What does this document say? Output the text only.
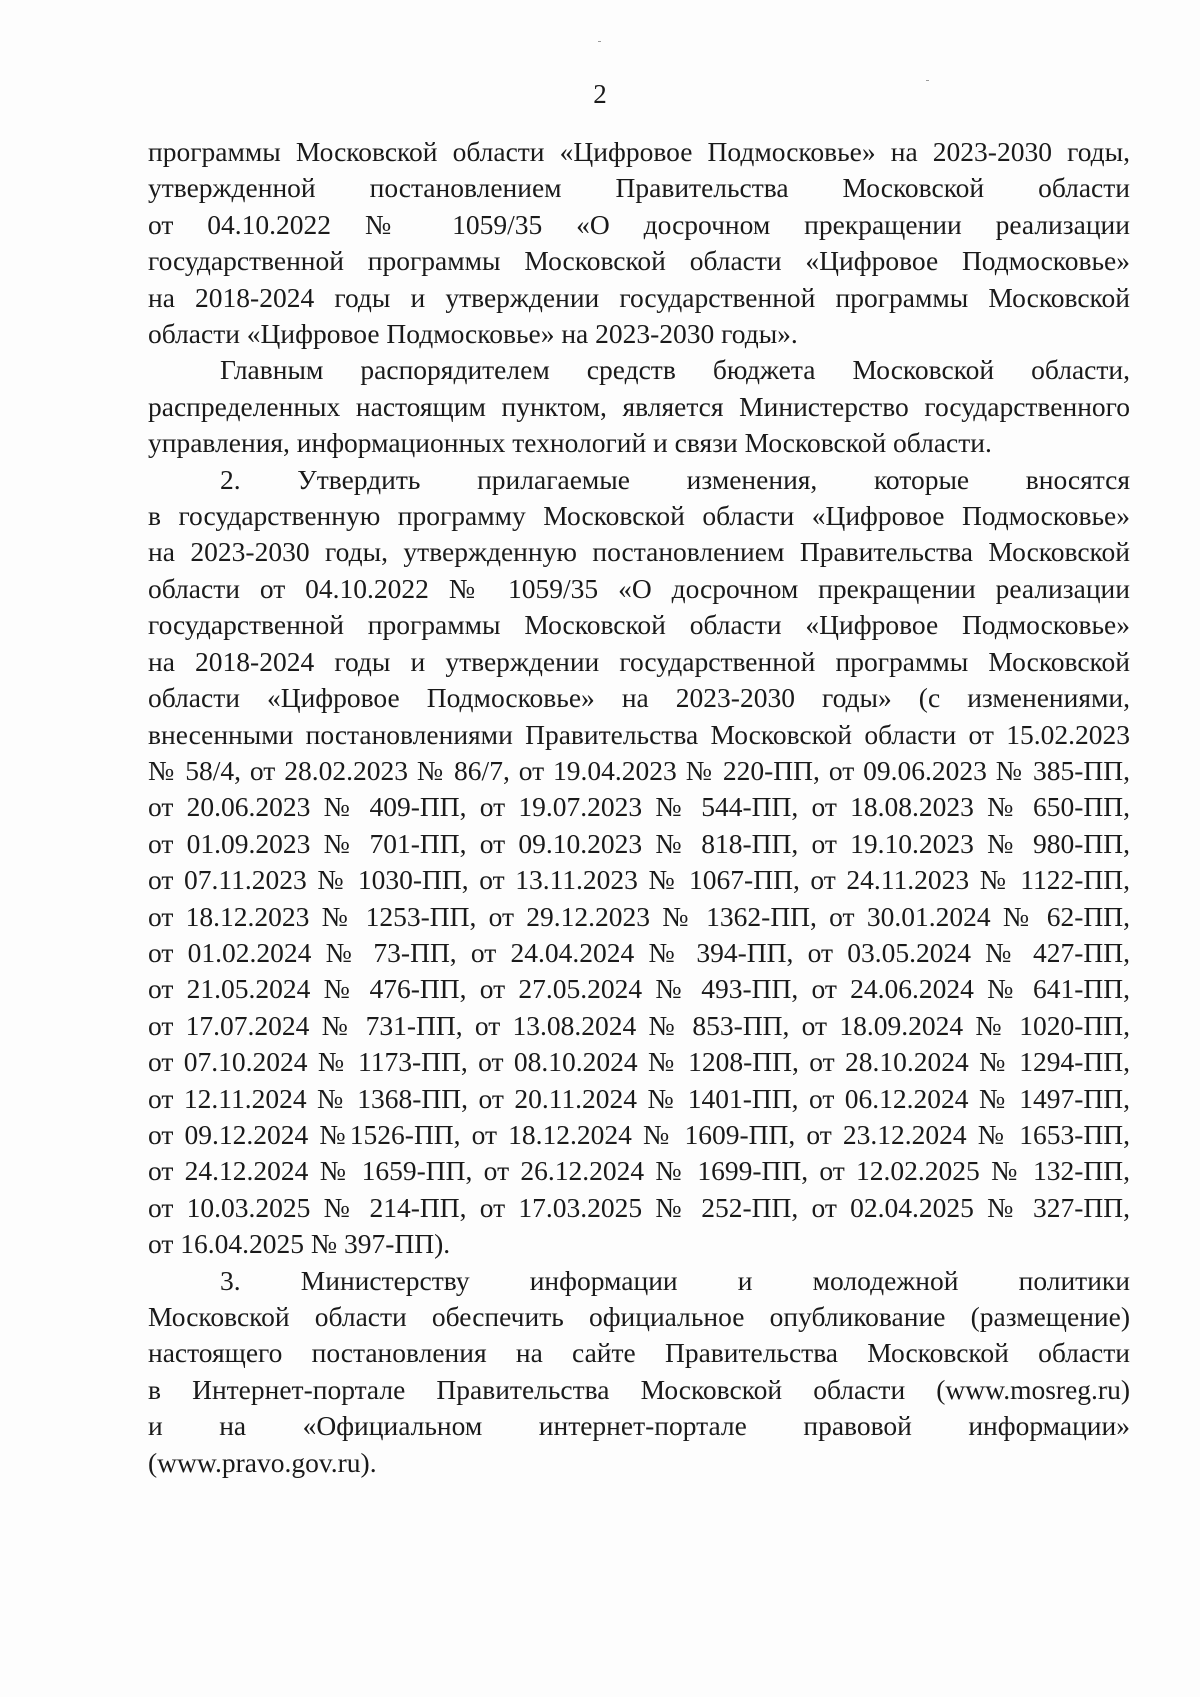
2
программы Московской области «Цифровое Подмосковье» на 2023-2030 годы,
утвержденной постановлением Правительства Московской области
от 04.10.2022 № 1059/35 «О досрочном прекращении реализации
государственной программы Московской области «Цифровое Подмосковье»
на 2018-2024 годы и утверждении государственной программы Московской
области «Цифровое Подмосковье» на 2023-2030 годы».
Главным распорядителем средств бюджета Московской области,
распределенных настоящим пунктом, является Министерство государственного
управления, информационных технологий и связи Московской области.
2. Утвердить прилагаемые изменения, которые вносятся
в государственную программу Московской области «Цифровое Подмосковье»
на 2023-2030 годы, утвержденную постановлением Правительства Московской
области от 04.10.2022 № 1059/35 «О досрочном прекращении реализации
государственной программы Московской области «Цифровое Подмосковье»
на 2018-2024 годы и утверждении государственной программы Московской
области «Цифровое Подмосковье» на 2023-2030 годы» (с изменениями,
внесенными постановлениями Правительства Московской области от 15.02.2023
№ 58/4, от 28.02.2023 № 86/7, от 19.04.2023 № 220-ПП, от 09.06.2023 № 385-ПП,
от 20.06.2023 № 409-ПП, от 19.07.2023 № 544-ПП, от 18.08.2023 № 650-ПП,
от 01.09.2023 № 701-ПП, от 09.10.2023 № 818-ПП, от 19.10.2023 № 980-ПП,
от 07.11.2023 № 1030-ПП, от 13.11.2023 № 1067-ПП, от 24.11.2023 № 1122-ПП,
от 18.12.2023 № 1253-ПП, от 29.12.2023 № 1362-ПП, от 30.01.2024 № 62-ПП,
от 01.02.2024 № 73-ПП, от 24.04.2024 № 394-ПП, от 03.05.2024 № 427-ПП,
от 21.05.2024 № 476-ПП, от 27.05.2024 № 493-ПП, от 24.06.2024 № 641-ПП,
от 17.07.2024 № 731-ПП, от 13.08.2024 № 853-ПП, от 18.09.2024 № 1020-ПП,
от 07.10.2024 № 1173-ПП, от 08.10.2024 № 1208-ПП, от 28.10.2024 № 1294-ПП,
от 12.11.2024 № 1368-ПП, от 20.11.2024 № 1401-ПП, от 06.12.2024 № 1497-ПП,
от 09.12.2024 №1526-ПП, от 18.12.2024 № 1609-ПП, от 23.12.2024 № 1653-ПП,
от 24.12.2024 № 1659-ПП, от 26.12.2024 № 1699-ПП, от 12.02.2025 № 132-ПП,
от 10.03.2025 № 214-ПП, от 17.03.2025 № 252-ПП, от 02.04.2025 № 327-ПП,
от 16.04.2025 № 397-ПП).
3. Министерству информации и молодежной политики
Московской области обеспечить официальное опубликование (размещение)
настоящего постановления на сайте Правительства Московской области
в Интернет-портале Правительства Московской области (www.mosreg.ru)
и на «Официальном интернет-портале правовой информации»
(www.pravo.gov.ru).
